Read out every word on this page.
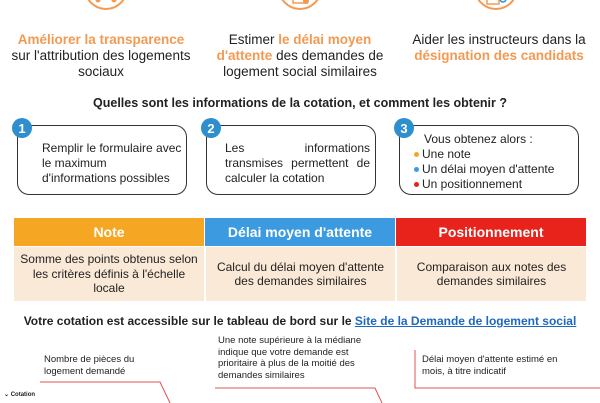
Améliorer la transparence
sur l'attribution des logements sociaux
Estimer le délai moyen d'attente des demandes de logement social similaires
Aider les instructeurs dans la désignation des candidats
Quelles sont les informations de la cotation, et comment les obtenir ?
1
Remplir le formulaire avec le maximum d'informations possibles
2
Les informations transmises permettent de calculer la cotation
3
Vous obtenez alors :
Une note
Un délai moyen d'attente
Un positionnement
Note	Délai moyen d'attente	Positionnement
Somme des points obtenus selon les critères définis à l'échelle locale
Calcul du délai moyen d'attente des demandes similaires
Comparaison aux notes des demandes similaires
Votre cotation est accessible sur le tableau de bord sur le Site de la Demande de logement social
Nombre de pièces du logement demandé
Une note supérieure à la médiane indique que votre demande est prioritaire à plus de la moitié des demandes similaires
Délai moyen d'attente estimé en mois, à titre indicatif
⌄ Cotation
